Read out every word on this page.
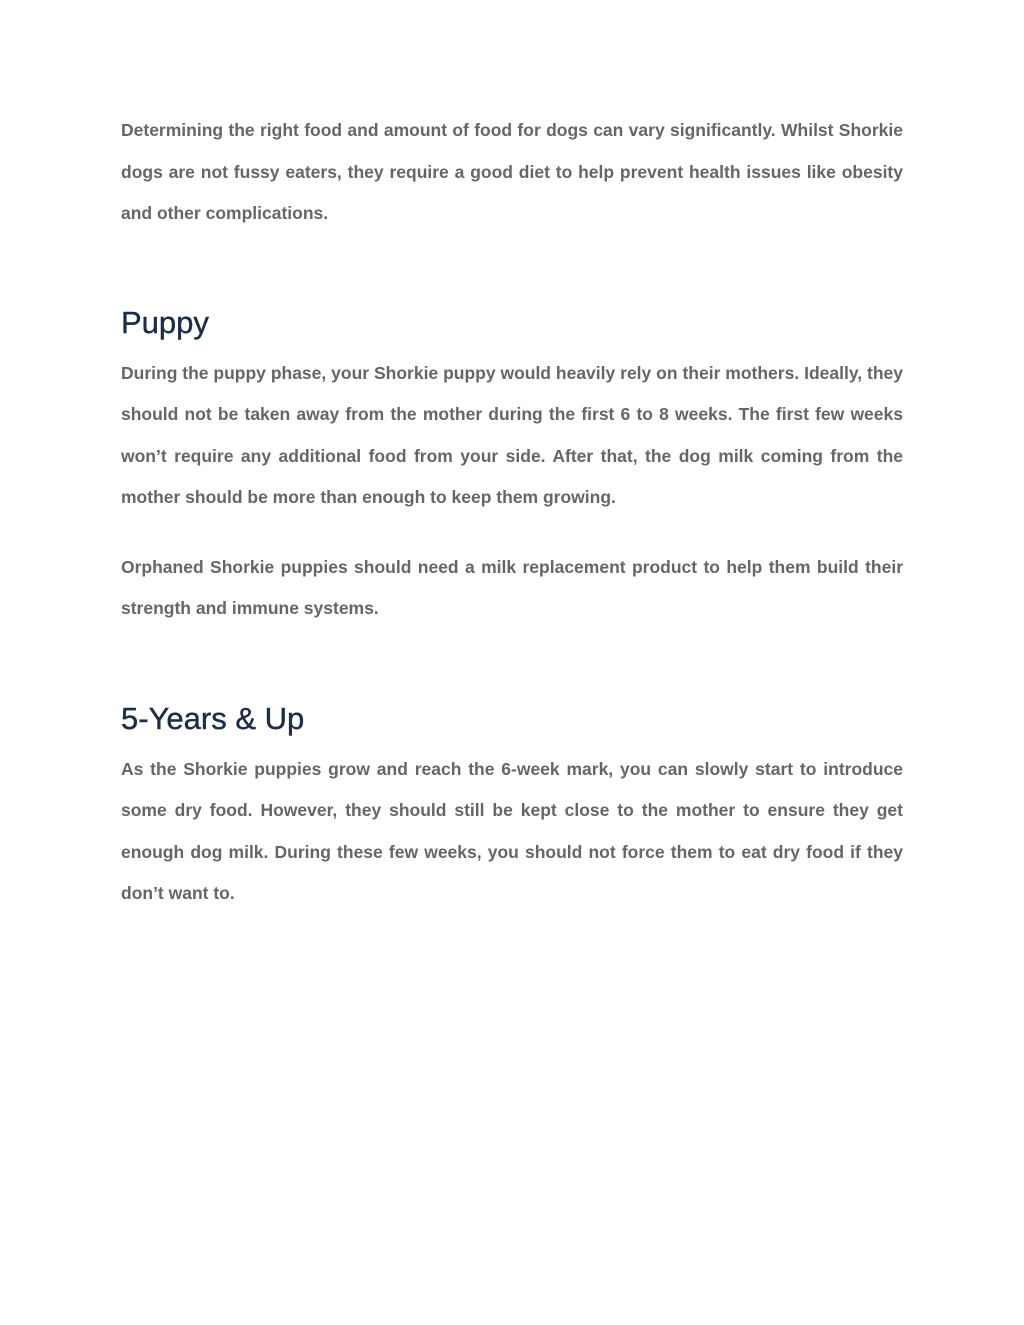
Determining the right food and amount of food for dogs can vary significantly. Whilst Shorkie dogs are not fussy eaters, they require a good diet to help prevent health issues like obesity and other complications.

Puppy

During the puppy phase, your Shorkie puppy would heavily rely on their mothers. Ideally, they should not be taken away from the mother during the first 6 to 8 weeks. The first few weeks won’t require any additional food from your side. After that, the dog milk coming from the mother should be more than enough to keep them growing.

Orphaned Shorkie puppies should need a milk replacement product to help them build their strength and immune systems.

5-Years & Up

As the Shorkie puppies grow and reach the 6-week mark, you can slowly start to introduce some dry food. However, they should still be kept close to the mother to ensure they get enough dog milk. During these few weeks, you should not force them to eat dry food if they don’t want to.
